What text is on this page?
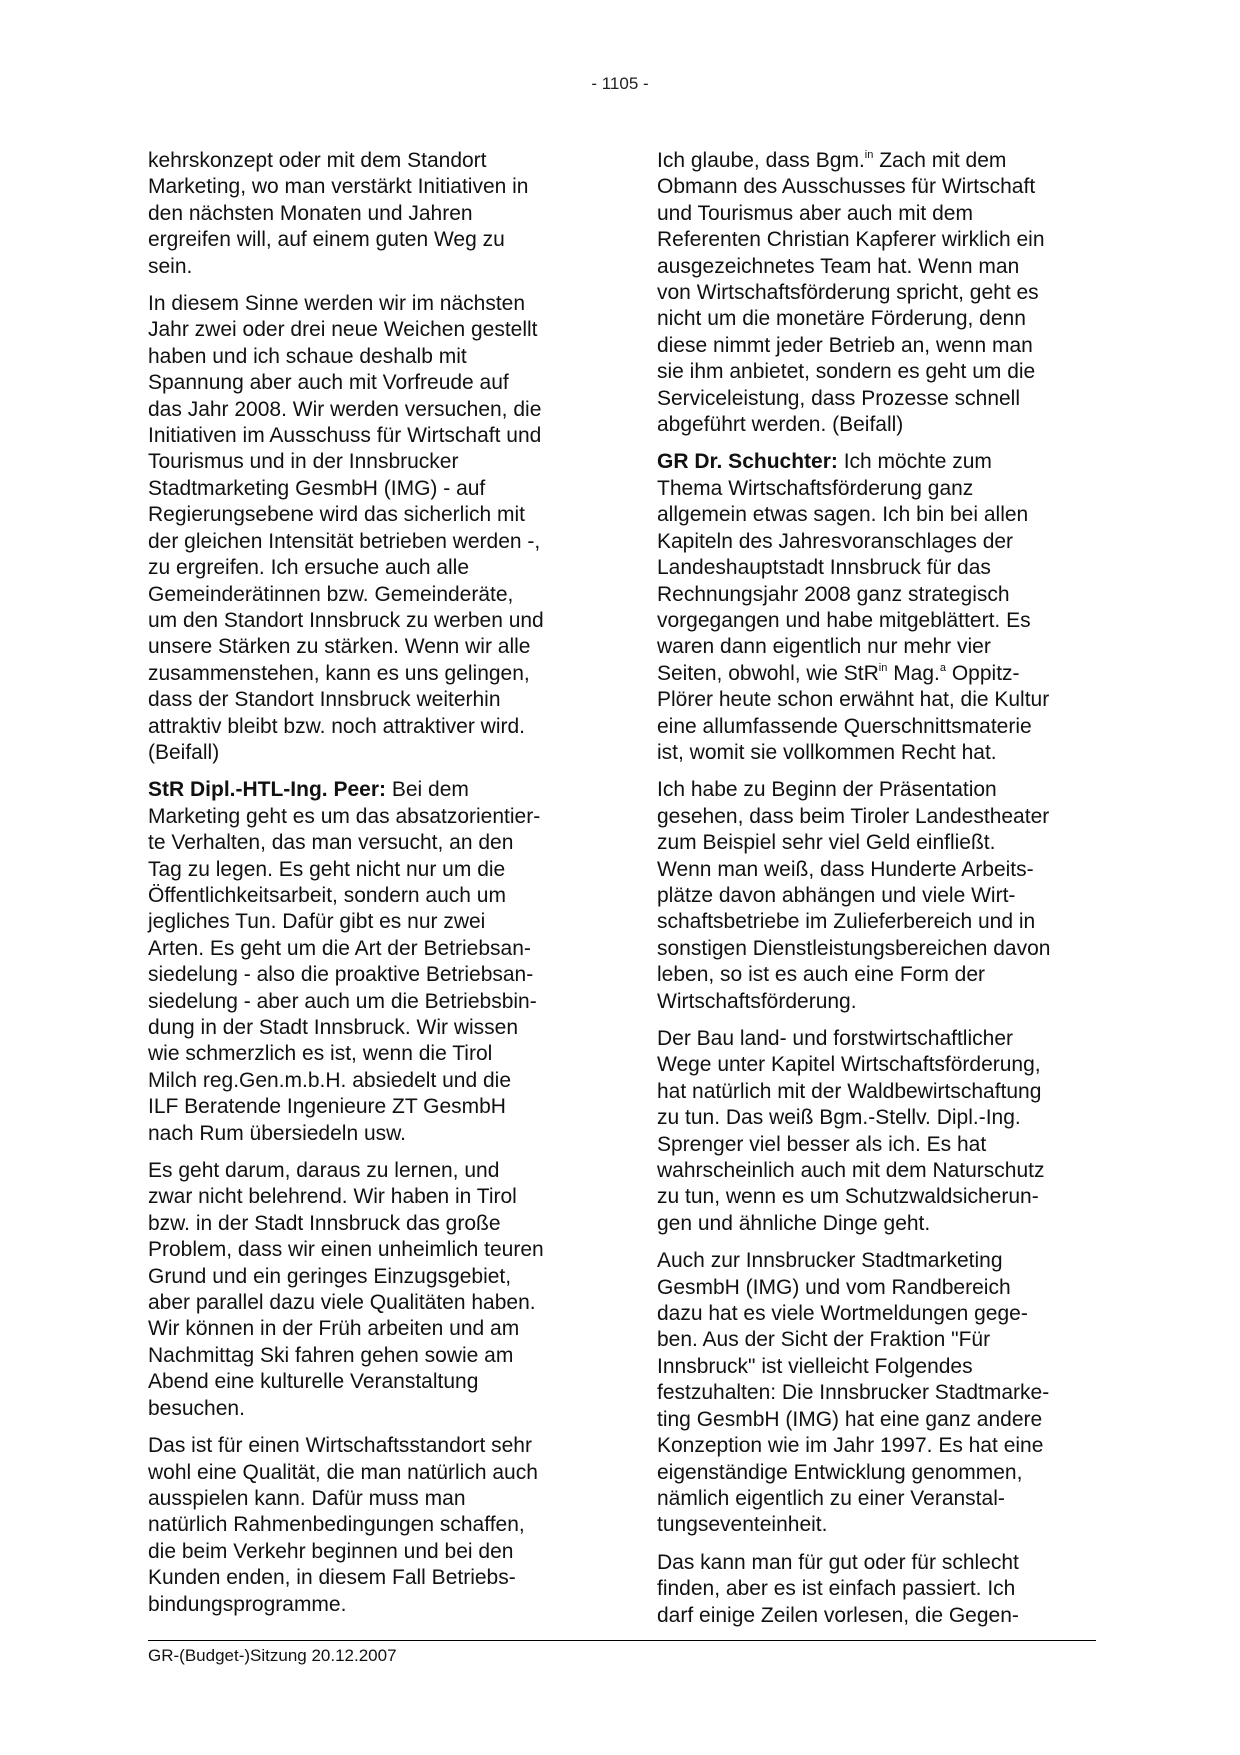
- 1105 -

kehrskonzept oder mit dem Standort
Marketing, wo man verstärkt Initiativen in
den nächsten Monaten und Jahren
ergreifen will, auf einem guten Weg zu
sein.

In diesem Sinne werden wir im nächsten
Jahr zwei oder drei neue Weichen gestellt
haben und ich schaue deshalb mit
Spannung aber auch mit Vorfreude auf
das Jahr 2008. Wir werden versuchen, die
Initiativen im Ausschuss für Wirtschaft und
Tourismus und in der Innsbrucker
Stadtmarketing GesmbH (IMG) - auf
Regierungsebene wird das sicherlich mit
der gleichen Intensität betrieben werden -,
zu ergreifen. Ich ersuche auch alle
Gemeinderätinnen bzw. Gemeinderäte,
um den Standort Innsbruck zu werben und
unsere Stärken zu stärken. Wenn wir alle
zusammenstehen, kann es uns gelingen,
dass der Standort Innsbruck weiterhin
attraktiv bleibt bzw. noch attraktiver wird.
(Beifall)

StR Dipl.-HTL-Ing. Peer: Bei dem
Marketing geht es um das absatzorientier-
te Verhalten, das man versucht, an den
Tag zu legen. Es geht nicht nur um die
Öffentlichkeitsarbeit, sondern auch um
jegliches Tun. Dafür gibt es nur zwei
Arten. Es geht um die Art der Betriebsan-
siedelung - also die proaktive Betriebsan-
siedelung - aber auch um die Betriebsbin-
dung in der Stadt Innsbruck. Wir wissen
wie schmerzlich es ist, wenn die Tirol
Milch reg.Gen.m.b.H. absiedelt und die
ILF Beratende Ingenieure ZT GesmbH
nach Rum übersiedeln usw.

Es geht darum, daraus zu lernen, und
zwar nicht belehrend. Wir haben in Tirol
bzw. in der Stadt Innsbruck das große
Problem, dass wir einen unheimlich teuren
Grund und ein geringes Einzugsgebiet,
aber parallel dazu viele Qualitäten haben.
Wir können in der Früh arbeiten und am
Nachmittag Ski fahren gehen sowie am
Abend eine kulturelle Veranstaltung
besuchen.

Das ist für einen Wirtschaftsstandort sehr
wohl eine Qualität, die man natürlich auch
ausspielen kann. Dafür muss man
natürlich Rahmenbedingungen schaffen,
die beim Verkehr beginnen und bei den
Kunden enden, in diesem Fall Betriebs-
bindungsprogramme.

Ich glaube, dass Bgm.$^{in}$ Zach mit dem
Obmann des Ausschusses für Wirtschaft
und Tourismus aber auch mit dem
Referenten Christian Kapferer wirklich ein
ausgezeichnetes Team hat. Wenn man
von Wirtschaftsförderung spricht, geht es
nicht um die monetäre Förderung, denn
diese nimmt jeder Betrieb an, wenn man
sie ihm anbietet, sondern es geht um die
Serviceleistung, dass Prozesse schnell
abgeführt werden. (Beifall)

GR Dr. Schuchter: Ich möchte zum
Thema Wirtschaftsförderung ganz
allgemein etwas sagen. Ich bin bei allen
Kapiteln des Jahresvoranschlages der
Landeshauptstadt Innsbruck für das
Rechnungsjahr 2008 ganz strategisch
vorgegangen und habe mitgeblättert. Es
waren dann eigentlich nur mehr vier
Seiten, obwohl, wie StR$^{in}$ Mag.$^a$ Oppitz-
Plörer heute schon erwähnt hat, die Kultur
eine allumfassende Querschnittsmaterie
ist, womit sie vollkommen Recht hat.

Ich habe zu Beginn der Präsentation
gesehen, dass beim Tiroler Landestheater
zum Beispiel sehr viel Geld einfließt.
Wenn man weiß, dass Hunderte Arbeits-
plätze davon abhängen und viele Wirt-
schaftsbetriebe im Zulieferbereich und in
sonstigen Dienstleistungsbereichen davon
leben, so ist es auch eine Form der
Wirtschaftsförderung.

Der Bau land- und forstwirtschaftlicher
Wege unter Kapitel Wirtschaftsförderung,
hat natürlich mit der Waldbewirtschaftung
zu tun. Das weiß Bgm.-Stellv. Dipl.-Ing.
Sprenger viel besser als ich. Es hat
wahrscheinlich auch mit dem Naturschutz
zu tun, wenn es um Schutzwaldsicherun-
gen und ähnliche Dinge geht.

Auch zur Innsbrucker Stadtmarketing
GesmbH (IMG) und vom Randbereich
dazu hat es viele Wortmeldungen gege-
ben. Aus der Sicht der Fraktion "Für
Innsbruck" ist vielleicht Folgendes
festzuhalten: Die Innsbrucker Stadtmarke-
ting GesmbH (IMG) hat eine ganz andere
Konzeption wie im Jahr 1997. Es hat eine
eigenständige Entwicklung genommen,
nämlich eigentlich zu einer Veranstal-
tungseventeinheit.

Das kann man für gut oder für schlecht
finden, aber es ist einfach passiert. Ich
darf einige Zeilen vorlesen, die Gegen-

GR-(Budget-)Sitzung 20.12.2007
